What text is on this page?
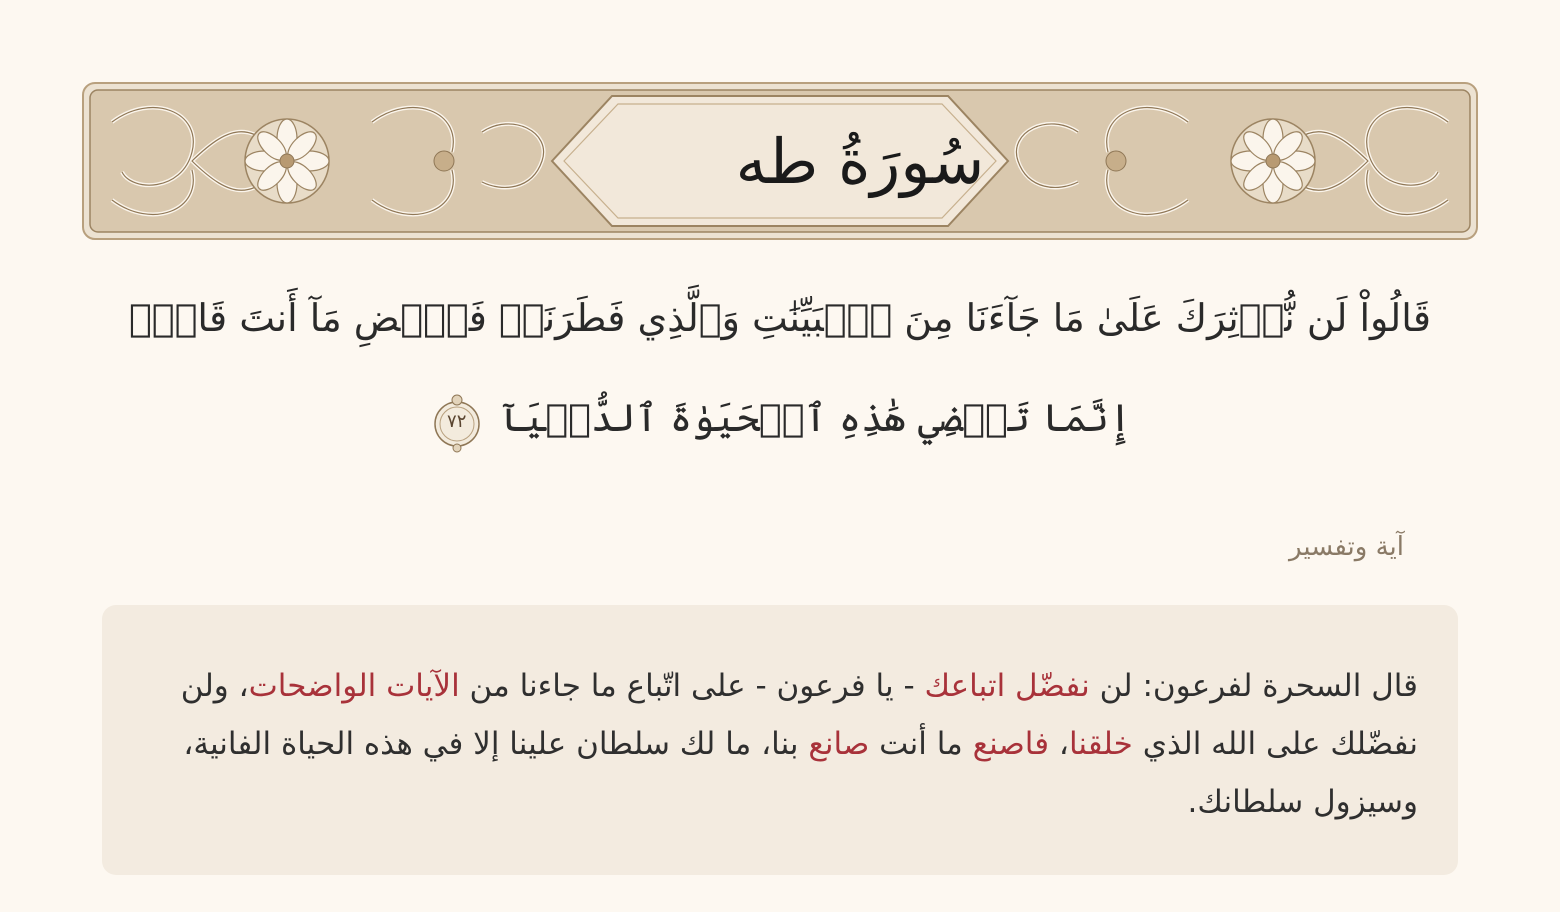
سُورَةُ طه
قَالُواْ لَن نُّؤۡثِرَكَ عَلَىٰ مَا جَآءَنَا مِنَ ٱلۡبَيِّنَٰتِ وَٱلَّذِي فَطَرَنَاۖ فَٱقۡضِ مَآ أَنتَ قَاضٍۖ
إِنَّمَا تَقۡضِي هَٰذِهِ ٱلۡحَيَوٰةَ ٱلدُّنۡيَآ
٧٢
آية وتفسير
قال السحرة لفرعون: لن نفضّل اتباعك - يا فرعون - على اتّباع ما جاءنا من الآيات الواضحات، ولن نفضّلك على الله الذي خلقنا، فاصنع ما أنت صانع بنا، ما لك سلطان علينا إلا في هذه الحياة الفانية، وسيزول سلطانك.
